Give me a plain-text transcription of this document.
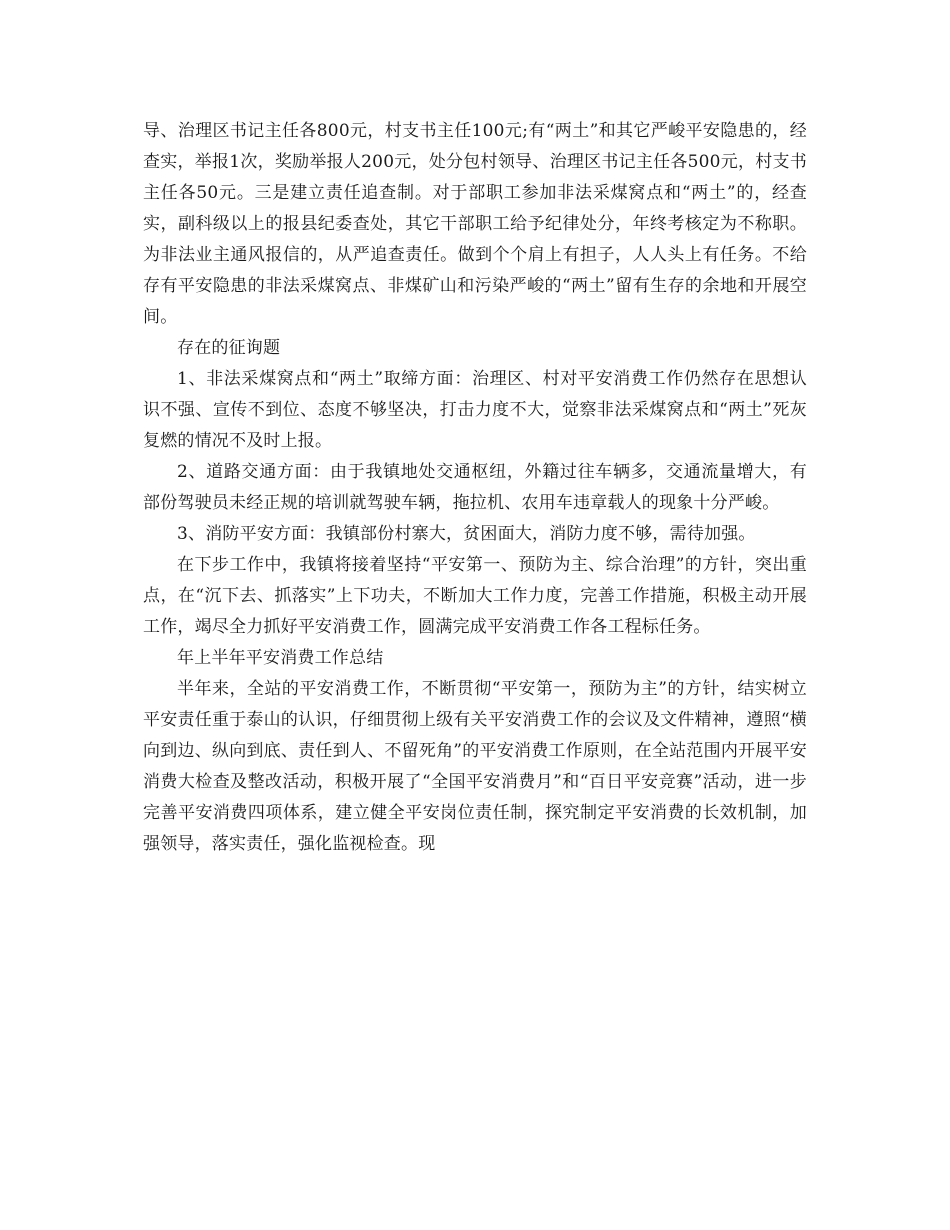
导、治理区书记主任各800元，村支书主任100元;有“两土”和其它严峻平安隐患的，经查实，举报1次，奖励举报人200元，处分包村领导、治理区书记主任各500元，村支书主任各50元。三是建立责任追查制。对于部职工参加非法采煤窝点和“两土”的，经查实，副科级以上的报县纪委查处，其它干部职工给予纪律处分，年终考核定为不称职。为非法业主通风报信的，从严追查责任。做到个个肩上有担子，人人头上有任务。不给存有平安隐患的非法采煤窝点、非煤矿山和污染严峻的“两土”留有生存的余地和开展空间。

存在的征询题

1、非法采煤窝点和“两土”取缔方面：治理区、村对平安消费工作仍然存在思想认识不强、宣传不到位、态度不够坚决，打击力度不大，觉察非法采煤窝点和“两土”死灰复燃的情况不及时上报。

2、道路交通方面：由于我镇地处交通枢纽，外籍过往车辆多，交通流量增大，有部份驾驶员未经正规的培训就驾驶车辆，拖拉机、农用车违章载人的现象十分严峻。

3、消防平安方面：我镇部份村寨大，贫困面大，消防力度不够，需待加强。

在下步工作中，我镇将接着坚持“平安第一、预防为主、综合治理”的方针，突出重点，在“沉下去、抓落实”上下功夫，不断加大工作力度，完善工作措施，积极主动开展工作，竭尽全力抓好平安消费工作，圆满完成平安消费工作各工程标任务。

年上半年平安消费工作总结

半年来，全站的平安消费工作，不断贯彻“平安第一，预防为主”的方针，结实树立平安责任重于泰山的认识，仔细贯彻上级有关平安消费工作的会议及文件精神，遵照“横向到边、纵向到底、责任到人、不留死角”的平安消费工作原则，在全站范围内开展平安消费大检查及整改活动，积极开展了“全国平安消费月”和“百日平安竞赛”活动，进一步完善平安消费四项体系，建立健全平安岗位责任制，探究制定平安消费的长效机制，加强领导，落实责任，强化监视检查。现
